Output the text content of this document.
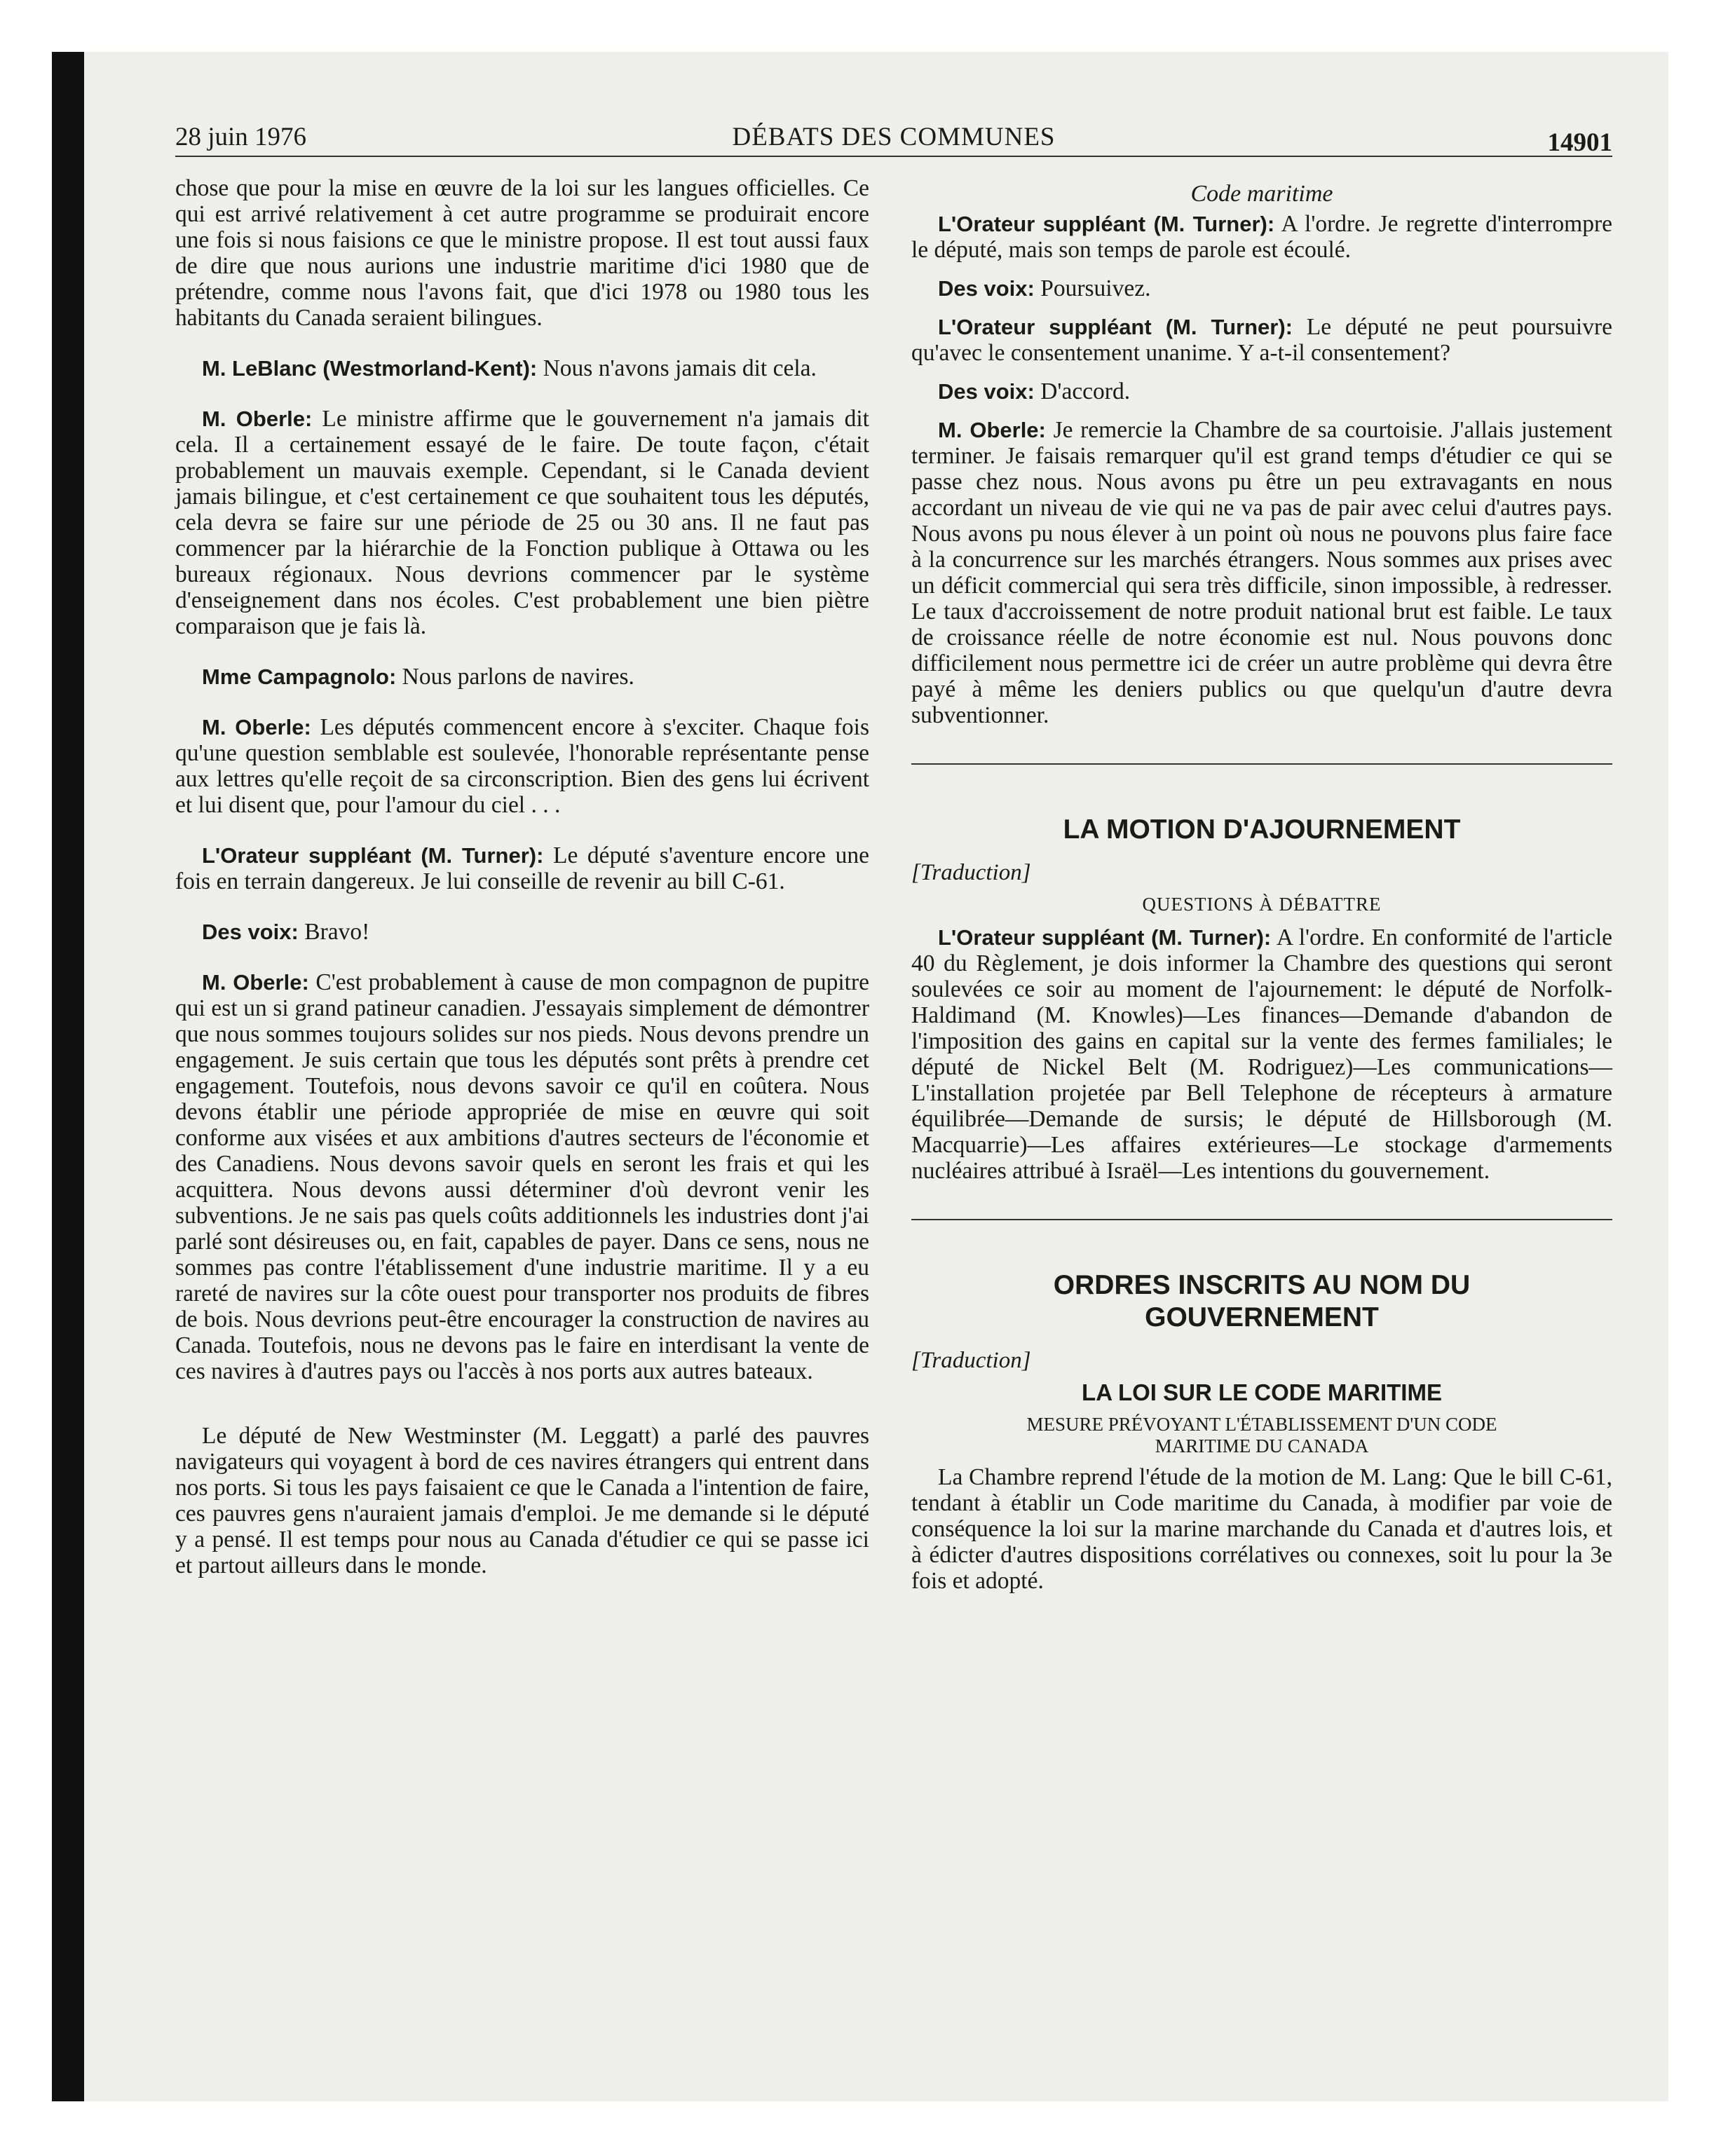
28 juin 1976	DÉBATS DES COMMUNES	14901

chose que pour la mise en œuvre de la loi sur les langues officielles. Ce qui est arrivé relativement à cet autre programme se produirait encore une fois si nous faisions ce que le ministre propose. Il est tout aussi faux de dire que nous aurions une industrie maritime d'ici 1980 que de prétendre, comme nous l'avons fait, que d'ici 1978 ou 1980 tous les habitants du Canada seraient bilingues.

M. LeBlanc (Westmorland-Kent): Nous n'avons jamais dit cela.

M. Oberle: Le ministre affirme que le gouvernement n'a jamais dit cela. Il a certainement essayé de le faire. De toute façon, c'était probablement un mauvais exemple. Cependant, si le Canada devient jamais bilingue, et c'est certainement ce que souhaitent tous les députés, cela devra se faire sur une période de 25 ou 30 ans. Il ne faut pas commencer par la hiérarchie de la Fonction publique à Ottawa ou les bureaux régionaux. Nous devrions commencer par le système d'enseignement dans nos écoles. C'est probablement une bien piètre comparaison que je fais là.

Mme Campagnolo: Nous parlons de navires.

M. Oberle: Les députés commencent encore à s'exciter. Chaque fois qu'une question semblable est soulevée, l'honorable représentante pense aux lettres qu'elle reçoit de sa circonscription. Bien des gens lui écrivent et lui disent que, pour l'amour du ciel . . .

L'Orateur suppléant (M. Turner): Le député s'aventure encore une fois en terrain dangereux. Je lui conseille de revenir au bill C-61.

Des voix: Bravo!

M. Oberle: C'est probablement à cause de mon compagnon de pupitre qui est un si grand patineur canadien. J'essayais simplement de démontrer que nous sommes toujours solides sur nos pieds. Nous devons prendre un engagement. Je suis certain que tous les députés sont prêts à prendre cet engagement. Toutefois, nous devons savoir ce qu'il en coûtera. Nous devons établir une période appropriée de mise en œuvre qui soit conforme aux visées et aux ambitions d'autres secteurs de l'économie et des Canadiens. Nous devons savoir quels en seront les frais et qui les acquittera. Nous devons aussi déterminer d'où devront venir les subventions. Je ne sais pas quels coûts additionnels les industries dont j'ai parlé sont désireuses ou, en fait, capables de payer. Dans ce sens, nous ne sommes pas contre l'établissement d'une industrie maritime. Il y a eu rareté de navires sur la côte ouest pour transporter nos produits de fibres de bois. Nous devrions peut-être encourager la construction de navires au Canada. Toutefois, nous ne devons pas le faire en interdisant la vente de ces navires à d'autres pays ou l'accès à nos ports aux autres bateaux.

Le député de New Westminster (M. Leggatt) a parlé des pauvres navigateurs qui voyagent à bord de ces navires étrangers qui entrent dans nos ports. Si tous les pays faisaient ce que le Canada a l'intention de faire, ces pauvres gens n'auraient jamais d'emploi. Je me demande si le député y a pensé. Il est temps pour nous au Canada d'étudier ce qui se passe ici et partout ailleurs dans le monde.

Code maritime

L'Orateur suppléant (M. Turner): A l'ordre. Je regrette d'interrompre le député, mais son temps de parole est écoulé.

Des voix: Poursuivez.

L'Orateur suppléant (M. Turner): Le député ne peut poursuivre qu'avec le consentement unanime. Y a-t-il consentement?

Des voix: D'accord.

M. Oberle: Je remercie la Chambre de sa courtoisie. J'allais justement terminer. Je faisais remarquer qu'il est grand temps d'étudier ce qui se passe chez nous. Nous avons pu être un peu extravagants en nous accordant un niveau de vie qui ne va pas de pair avec celui d'autres pays. Nous avons pu nous élever à un point où nous ne pouvons plus faire face à la concurrence sur les marchés étrangers. Nous sommes aux prises avec un déficit commercial qui sera très difficile, sinon impossible, à redresser. Le taux d'accroissement de notre produit national brut est faible. Le taux de croissance réelle de notre économie est nul. Nous pouvons donc difficilement nous permettre ici de créer un autre problème qui devra être payé à même les deniers publics ou que quelqu'un d'autre devra subventionner.

LA MOTION D'AJOURNEMENT
[Traduction]
QUESTIONS À DÉBATTRE

L'Orateur suppléant (M. Turner): A l'ordre. En conformité de l'article 40 du Règlement, je dois informer la Chambre des questions qui seront soulevées ce soir au moment de l'ajournement: le député de Norfolk-Haldimand (M. Knowles)—Les finances—Demande d'abandon de l'imposition des gains en capital sur la vente des fermes familiales; le député de Nickel Belt (M. Rodriguez)—Les communications—L'installation projetée par Bell Telephone de récepteurs à armature équilibrée—Demande de sursis; le député de Hillsborough (M. Macquarrie)—Les affaires extérieures—Le stockage d'armements nucléaires attribué à Israël—Les intentions du gouvernement.

ORDRES INSCRITS AU NOM DU
GOUVERNEMENT
[Traduction]
LA LOI SUR LE CODE MARITIME
MESURE PRÉVOYANT L'ÉTABLISSEMENT D'UN CODE
MARITIME DU CANADA

La Chambre reprend l'étude de la motion de M. Lang: Que le bill C-61, tendant à établir un Code maritime du Canada, à modifier par voie de conséquence la loi sur la marine marchande du Canada et d'autres lois, et à édicter d'autres dispositions corrélatives ou connexes, soit lu pour la 3e fois et adopté.
